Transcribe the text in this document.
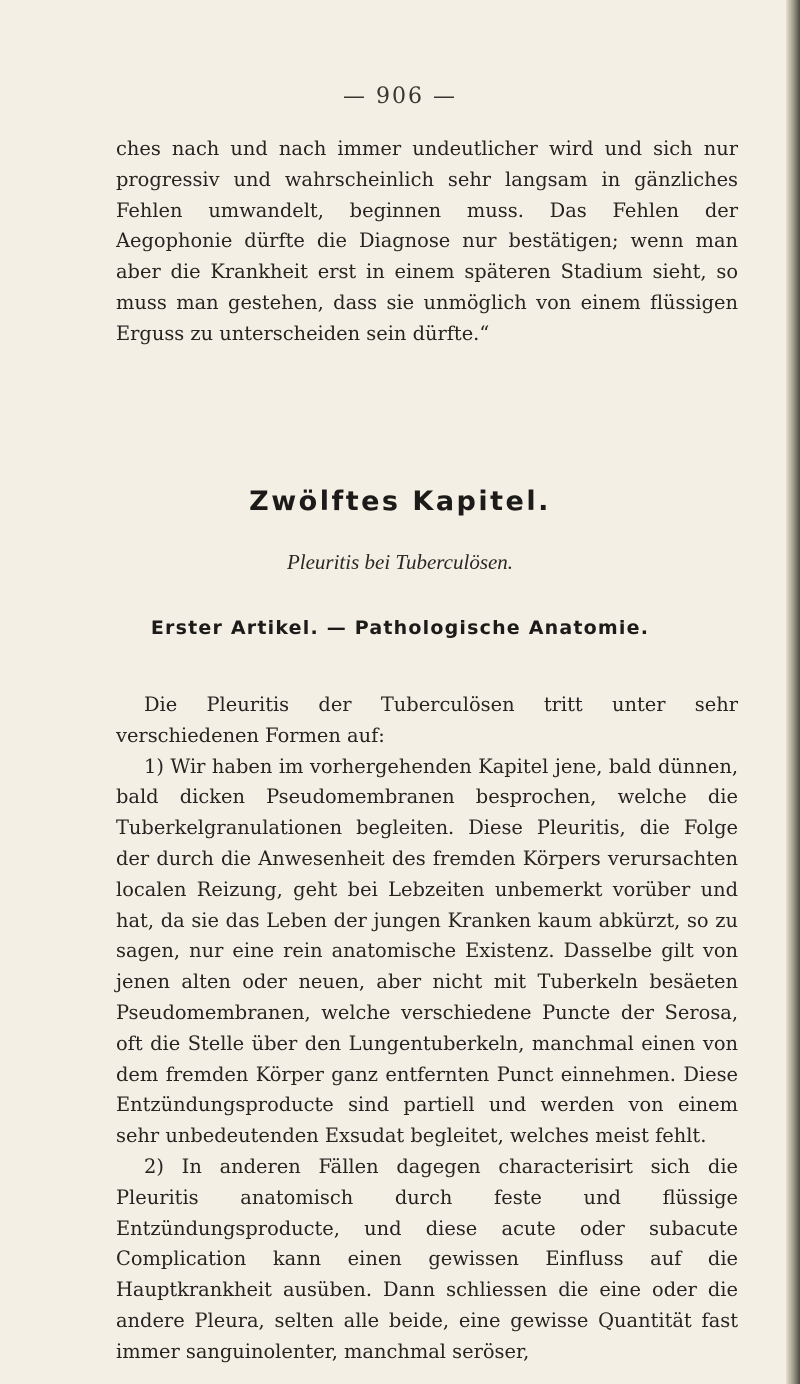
— 906 —

ches nach und nach immer undeutlicher wird und sich nur progressiv und wahrscheinlich sehr langsam in gänzliches Fehlen umwandelt, beginnen muss. Das Fehlen der Aegophonie dürfte die Diagnose nur bestätigen; wenn man aber die Krankheit erst in einem späteren Stadium sieht, so muss man gestehen, dass sie unmöglich von einem flüssigen Erguss zu unterscheiden sein dürfte.“

Zwölftes Kapitel.
Pleuritis bei Tuberculösen.
Erster Artikel. — Pathologische Anatomie.

Die Pleuritis der Tuberculösen tritt unter sehr verschiedenen Formen auf:

1) Wir haben im vorhergehenden Kapitel jene, bald dünnen, bald dicken Pseudomembranen besprochen, welche die Tuberkelgranulationen begleiten. Diese Pleuritis, die Folge der durch die Anwesenheit des fremden Körpers verursachten localen Reizung, geht bei Lebzeiten unbemerkt vorüber und hat, da sie das Leben der jungen Kranken kaum abkürzt, so zu sagen, nur eine rein anatomische Existenz. Dasselbe gilt von jenen alten oder neuen, aber nicht mit Tuberkeln besäeten Pseudomembranen, welche verschiedene Puncte der Serosa, oft die Stelle über den Lungentuberkeln, manchmal einen von dem fremden Körper ganz entfernten Punct einnehmen. Diese Entzündungsproducte sind partiell und werden von einem sehr unbedeutenden Exsudat begleitet, welches meist fehlt.

2) In anderen Fällen dagegen characterisirt sich die Pleuritis anatomisch durch feste und flüssige Entzündungsproducte, und diese acute oder subacute Complication kann einen gewissen Einfluss auf die Hauptkrankheit ausüben. Dann schliessen die eine oder die andere Pleura, selten alle beide, eine gewisse Quantität fast immer sanguinolenter, manchmal seröser,
